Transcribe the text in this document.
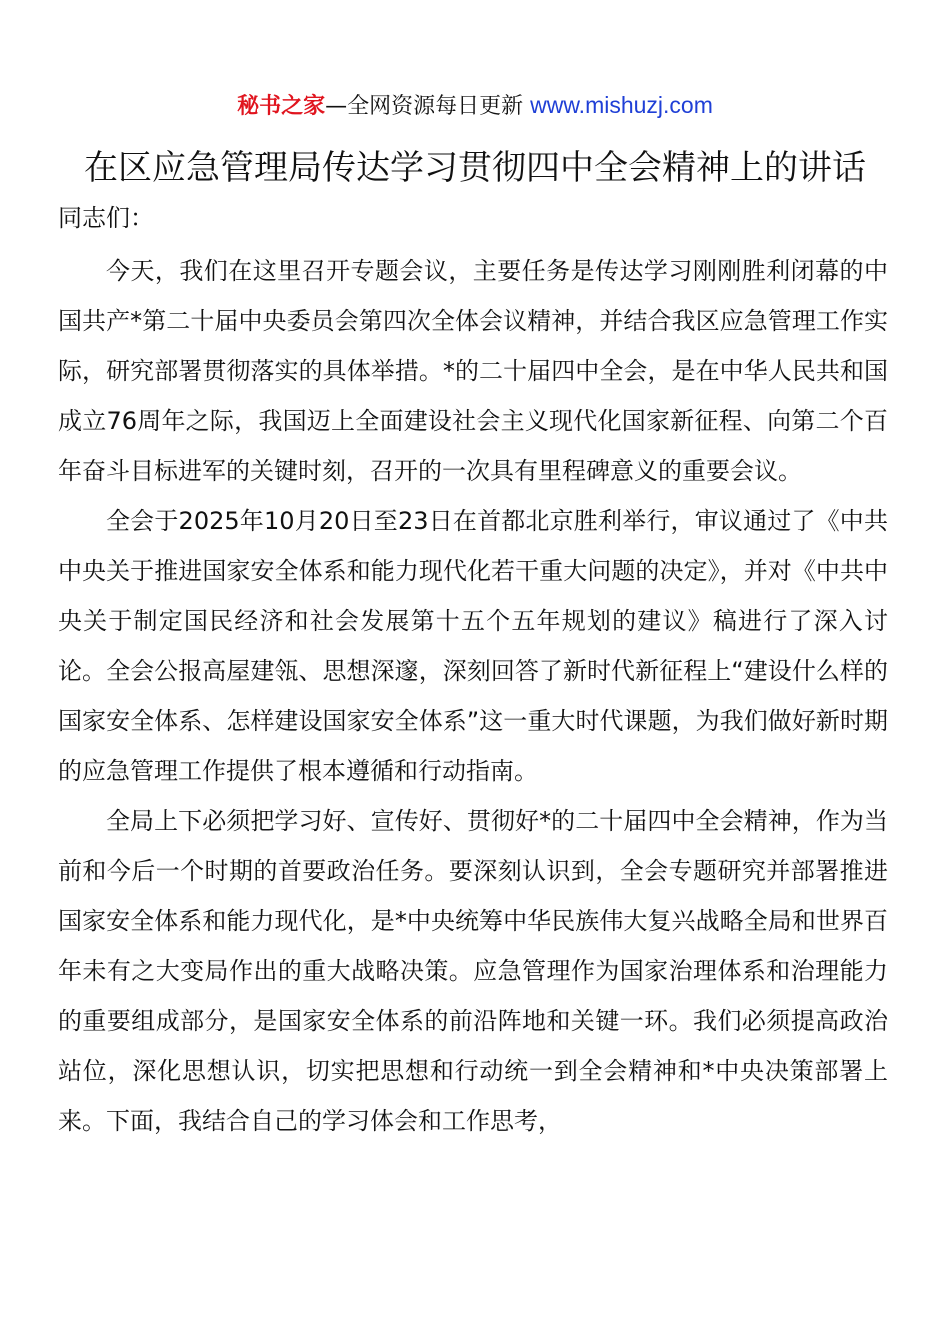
秘书之家—全网资源每日更新 www.mishuzj.com
在区应急管理局传达学习贯彻四中全会精神上的讲话

同志们：

今天，我们在这里召开专题会议，主要任务是传达学习刚刚胜利闭幕的中国共产*第二十届中央委员会第四次全体会议精神，并结合我区应急管理工作实际，研究部署贯彻落实的具体举措。*的二十届四中全会，是在中华人民共和国成立76周年之际，我国迈上全面建设社会主义现代化国家新征程、向第二个百年奋斗目标进军的关键时刻，召开的一次具有里程碑意义的重要会议。

全会于2025年10月20日至23日在首都北京胜利举行，审议通过了《中共中央关于推进国家安全体系和能力现代化若干重大问题的决定》，并对《中共中央关于制定国民经济和社会发展第十五个五年规划的建议》稿进行了深入讨论。全会公报高屋建瓴、思想深邃，深刻回答了新时代新征程上“建设什么样的国家安全体系、怎样建设国家安全体系”这一重大时代课题，为我们做好新时期的应急管理工作提供了根本遵循和行动指南。

全局上下必须把学习好、宣传好、贯彻好*的二十届四中全会精神，作为当前和今后一个时期的首要政治任务。要深刻认识到，全会专题研究并部署推进国家安全体系和能力现代化，是*中央统筹中华民族伟大复兴战略全局和世界百年未有之大变局作出的重大战略决策。应急管理作为国家治理体系和治理能力的重要组成部分，是国家安全体系的前沿阵地和关键一环。我们必须提高政治站位，深化思想认识，切实把思想和行动统一到全会精神和*中央决策部署上来。下面，我结合自己的学习体会和工作思考，
